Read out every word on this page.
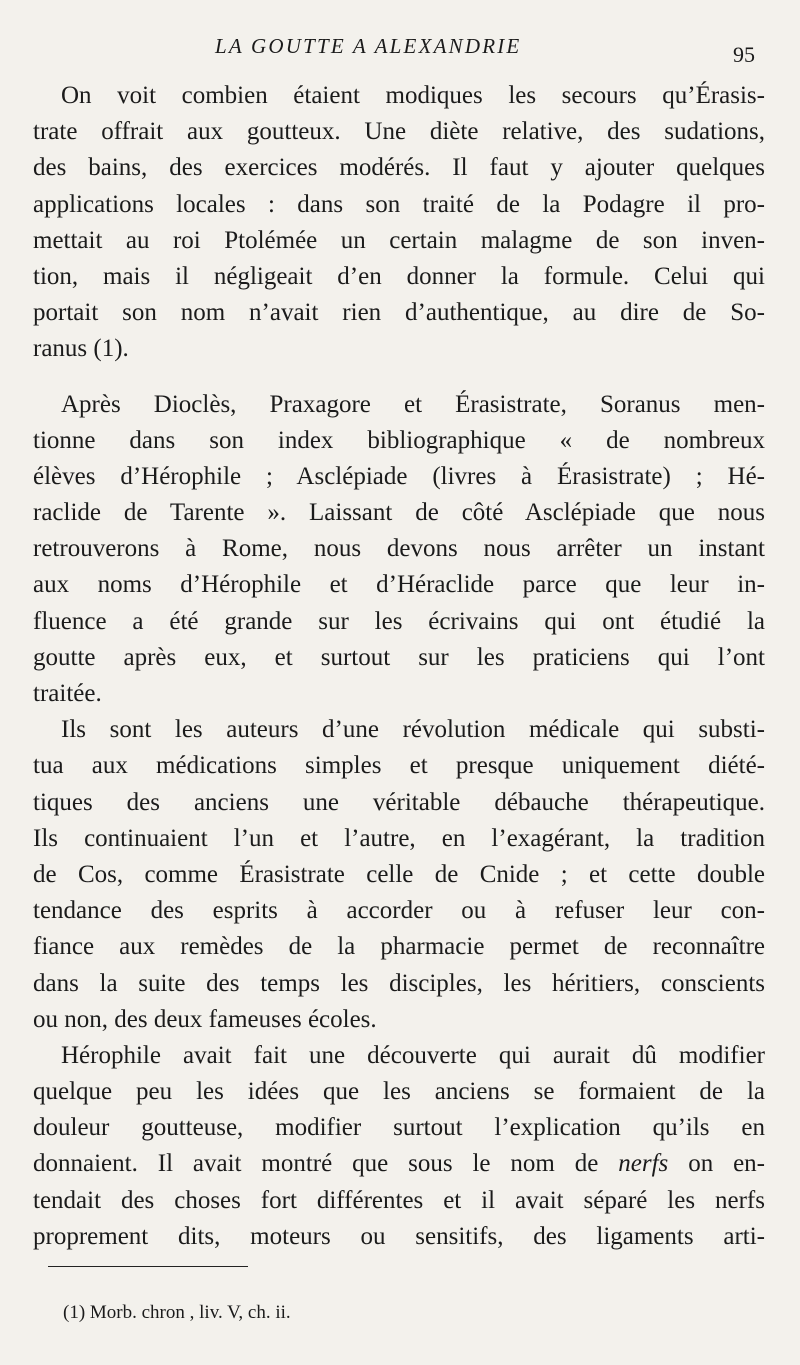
LA GOUTTE A ALEXANDRIE	95
On voit combien étaient modiques les secours qu’Érasis-
trate offrait aux goutteux. Une diète relative, des sudations,
des bains, des exercices modérés. Il faut y ajouter quelques
applications locales : dans son traité de la Podagre il pro-
mettait au roi Ptolémée un certain malagme de son inven-
tion, mais il négligeait d’en donner la formule. Celui qui
portait son nom n’avait rien d’authentique, au dire de So-
ranus (1).
Après Dioclès, Praxagore et Érasistrate, Soranus men-
tionne dans son index bibliographique « de nombreux
élèves d’Hérophile ; Asclépiade (livres à Érasistrate) ; Hé-
raclide de Tarente ». Laissant de côté Asclépiade que nous
retrouverons à Rome, nous devons nous arrêter un instant
aux noms d’Hérophile et d’Héraclide parce que leur in-
fluence a été grande sur les écrivains qui ont étudié la
goutte après eux, et surtout sur les praticiens qui l’ont
traitée.
Ils sont les auteurs d’une révolution médicale qui substi-
tua aux médications simples et presque uniquement diété-
tiques des anciens une véritable débauche thérapeutique.
Ils continuaient l’un et l’autre, en l’exagérant, la tradition
de Cos, comme Érasistrate celle de Cnide ; et cette double
tendance des esprits à accorder ou à refuser leur con-
fiance aux remèdes de la pharmacie permet de reconnaître
dans la suite des temps les disciples, les héritiers, conscients
ou non, des deux fameuses écoles.
Hérophile avait fait une découverte qui aurait dû modifier
quelque peu les idées que les anciens se formaient de la
douleur goutteuse, modifier surtout l’explication qu’ils en
donnaient. Il avait montré que sous le nom de nerfs on en-
tendait des choses fort différentes et il avait séparé les nerfs
proprement dits, moteurs ou sensitifs, des ligaments arti-
(1) Morb. chron , liv. V, ch. ii.
